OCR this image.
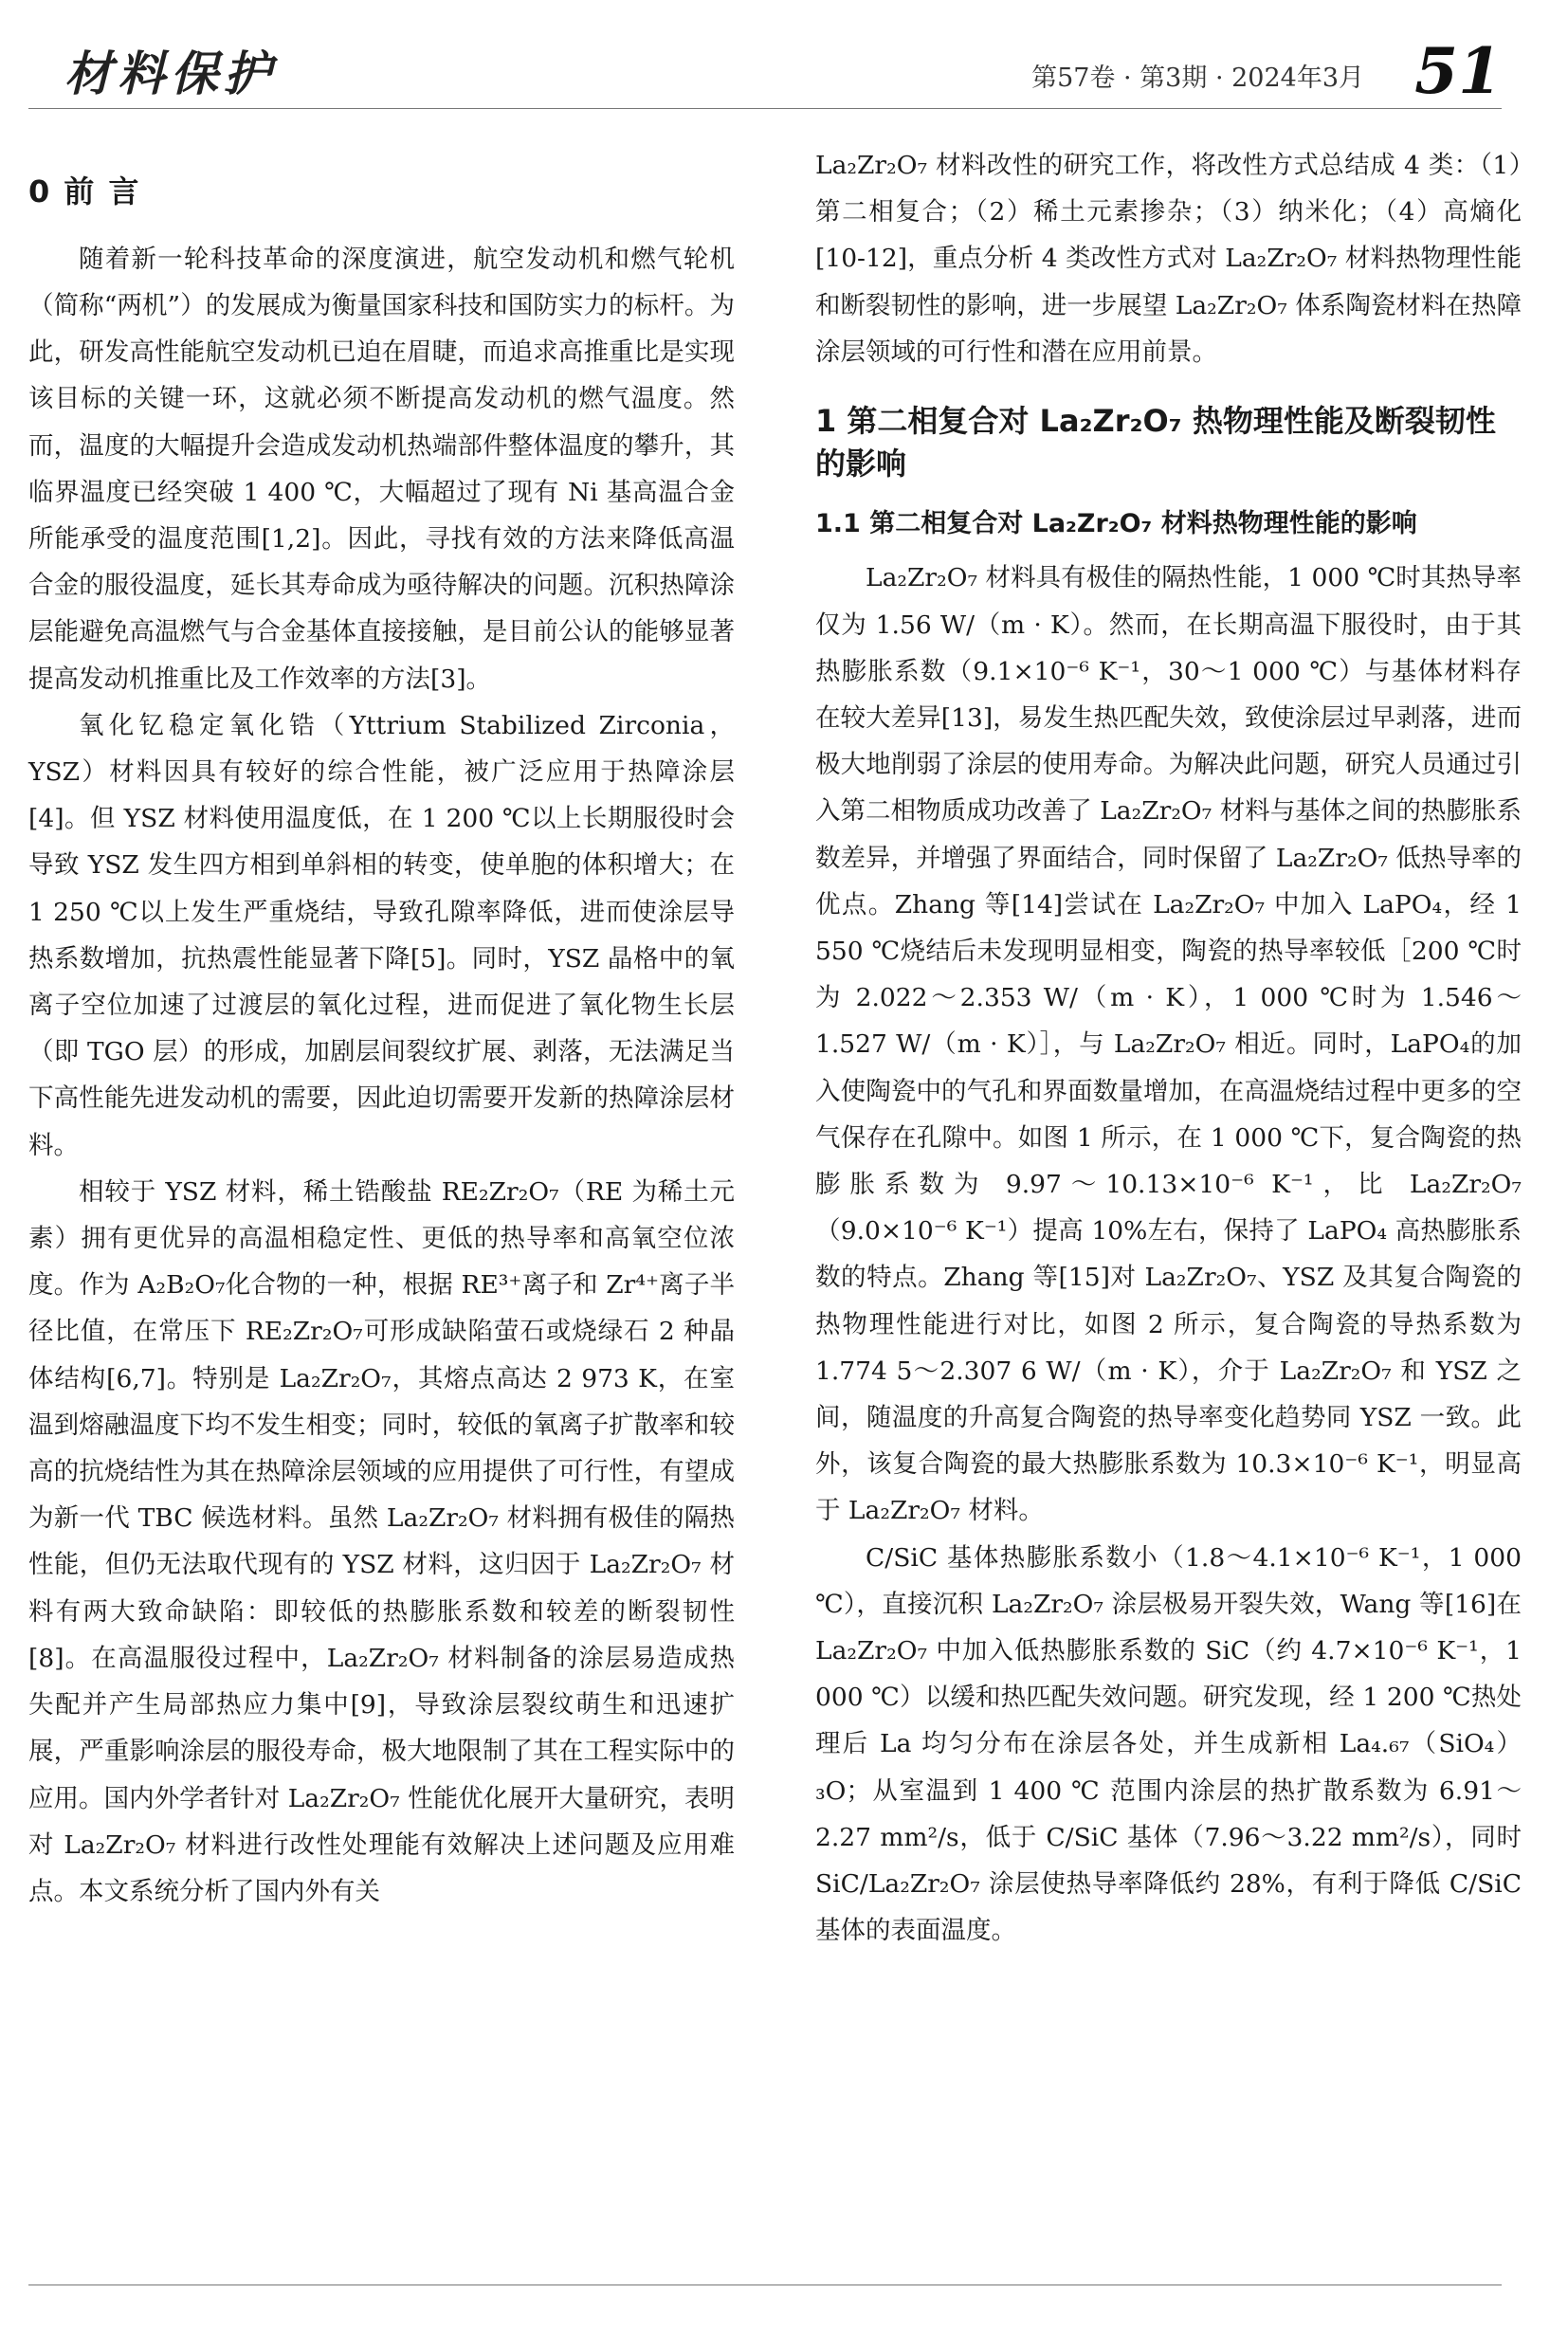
材料保护	第57卷 · 第3期 · 2024年3月 51
0 前 言

随着新一轮科技革命的深度演进，航空发动机和燃气轮机（简称“两机”）的发展成为衡量国家科技和国防实力的标杆。为此，研发高性能航空发动机已迫在眉睫，而追求高推重比是实现该目标的关键一环，这就必须不断提高发动机的燃气温度。然而，温度的大幅提升会造成发动机热端部件整体温度的攀升，其临界温度已经突破 1 400 ℃，大幅超过了现有 Ni 基高温合金所能承受的温度范围[1,2]。因此，寻找有效的方法来降低高温合金的服役温度，延长其寿命成为亟待解决的问题。沉积热障涂层能避免高温燃气与合金基体直接接触，是目前公认的能够显著提高发动机推重比及工作效率的方法[3]。

氧化钇稳定氧化锆（Yttrium Stabilized Zirconia，YSZ）材料因具有较好的综合性能，被广泛应用于热障涂层[4]。但 YSZ 材料使用温度低，在 1 200 ℃以上长期服役时会导致 YSZ 发生四方相到单斜相的转变，使单胞的体积增大；在 1 250 ℃以上发生严重烧结，导致孔隙率降低，进而使涂层导热系数增加，抗热震性能显著下降[5]。同时，YSZ 晶格中的氧离子空位加速了过渡层的氧化过程，进而促进了氧化物生长层（即 TGO 层）的形成，加剧层间裂纹扩展、剥落，无法满足当下高性能先进发动机的需要，因此迫切需要开发新的热障涂层材料。

相较于 YSZ 材料，稀土锆酸盐 RE₂Zr₂O₇（RE 为稀土元素）拥有更优异的高温相稳定性、更低的热导率和高氧空位浓度。作为 A₂B₂O₇化合物的一种，根据 RE³⁺离子和 Zr⁴⁺离子半径比值，在常压下 RE₂Zr₂O₇可形成缺陷萤石或烧绿石 2 种晶体结构[6,7]。特别是 La₂Zr₂O₇，其熔点高达 2 973 K，在室温到熔融温度下均不发生相变；同时，较低的氧离子扩散率和较高的抗烧结性为其在热障涂层领域的应用提供了可行性，有望成为新一代 TBC 候选材料。虽然 La₂Zr₂O₇ 材料拥有极佳的隔热性能，但仍无法取代现有的 YSZ 材料，这归因于 La₂Zr₂O₇ 材料有两大致命缺陷：即较低的热膨胀系数和较差的断裂韧性[8]。在高温服役过程中，La₂Zr₂O₇ 材料制备的涂层易造成热失配并产生局部热应力集中[9]，导致涂层裂纹萌生和迅速扩展，严重影响涂层的服役寿命，极大地限制了其在工程实际中的应用。国内外学者针对 La₂Zr₂O₇ 性能优化展开大量研究，表明对 La₂Zr₂O₇ 材料进行改性处理能有效解决上述问题及应用难点。本文系统分析了国内外有关

La₂Zr₂O₇ 材料改性的研究工作，将改性方式总结成 4 类：（1）第二相复合；（2）稀土元素掺杂；（3）纳米化；（4）高熵化[10-12]，重点分析 4 类改性方式对 La₂Zr₂O₇ 材料热物理性能和断裂韧性的影响，进一步展望 La₂Zr₂O₇ 体系陶瓷材料在热障涂层领域的可行性和潜在应用前景。

1 第二相复合对 La₂Zr₂O₇ 热物理性能及断裂韧性的影响
1.1 第二相复合对 La₂Zr₂O₇ 材料热物理性能的影响

La₂Zr₂O₇ 材料具有极佳的隔热性能，1 000 ℃时其热导率仅为 1.56 W/（m · K）。然而，在长期高温下服役时，由于其热膨胀系数（9.1×10⁻⁶ K⁻¹，30～1 000 ℃）与基体材料存在较大差异[13]，易发生热匹配失效，致使涂层过早剥落，进而极大地削弱了涂层的使用寿命。为解决此问题，研究人员通过引入第二相物质成功改善了 La₂Zr₂O₇ 材料与基体之间的热膨胀系数差异，并增强了界面结合，同时保留了 La₂Zr₂O₇ 低热导率的优点。Zhang 等[14]尝试在 La₂Zr₂O₇ 中加入 LaPO₄，经 1 550 ℃烧结后未发现明显相变，陶瓷的热导率较低［200 ℃时为 2.022～2.353 W/（m · K），1 000 ℃时为 1.546～1.527 W/（m · K）］，与 La₂Zr₂O₇ 相近。同时，LaPO₄的加入使陶瓷中的气孔和界面数量增加，在高温烧结过程中更多的空气保存在孔隙中。如图 1 所示，在 1 000 ℃下，复合陶瓷的热膨胀系数为 9.97～10.13×10⁻⁶ K⁻¹，比 La₂Zr₂O₇（9.0×10⁻⁶ K⁻¹）提高 10%左右，保持了 LaPO₄ 高热膨胀系数的特点。Zhang 等[15]对 La₂Zr₂O₇、YSZ 及其复合陶瓷的热物理性能进行对比，如图 2 所示，复合陶瓷的导热系数为 1.774 5～2.307 6 W/（m · K），介于 La₂Zr₂O₇ 和 YSZ 之间，随温度的升高复合陶瓷的热导率变化趋势同 YSZ 一致。此外，该复合陶瓷的最大热膨胀系数为 10.3×10⁻⁶ K⁻¹，明显高于 La₂Zr₂O₇ 材料。

C/SiC 基体热膨胀系数小（1.8～4.1×10⁻⁶ K⁻¹，1 000 ℃），直接沉积 La₂Zr₂O₇ 涂层极易开裂失效，Wang 等[16]在 La₂Zr₂O₇ 中加入低热膨胀系数的 SiC（约 4.7×10⁻⁶ K⁻¹，1 000 ℃）以缓和热匹配失效问题。研究发现，经 1 200 ℃热处理后 La 均匀分布在涂层各处，并生成新相 La₄.₆₇（SiO₄）₃O；从室温到 1 400 ℃ 范围内涂层的热扩散系数为 6.91～2.27 mm²/s，低于 C/SiC 基体（7.96～3.22 mm²/s），同时 SiC/La₂Zr₂O₇ 涂层使热导率降低约 28%，有利于降低 C/SiC 基体的表面温度。
